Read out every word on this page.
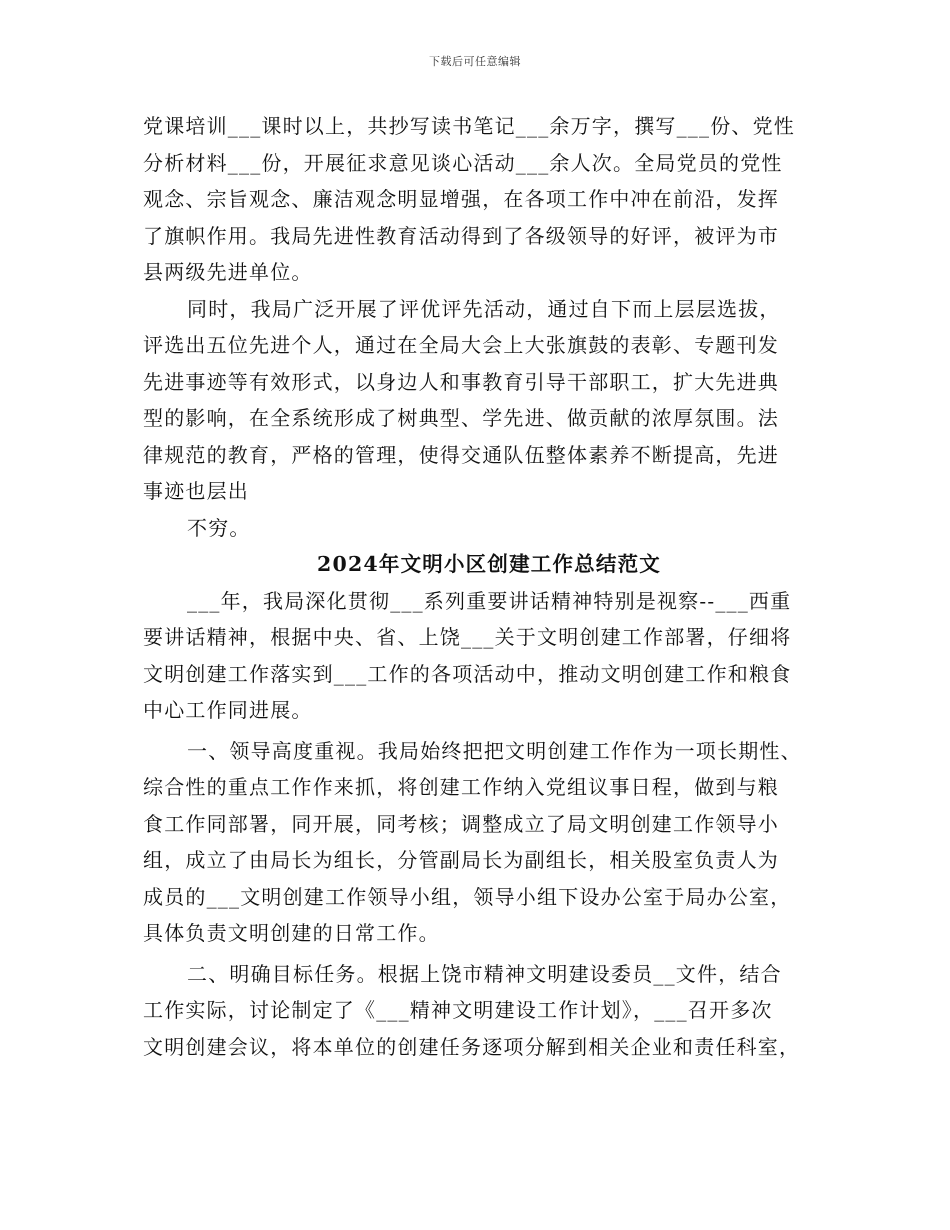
下载后可任意编辑
党课培训___课时以上，共抄写读书笔记___余万字，撰写___份、党性
分析材料___份，开展征求意见谈心活动___余人次。全局党员的党性
观念、宗旨观念、廉洁观念明显增强，在各项工作中冲在前沿，发挥
了旗帜作用。我局先进性教育活动得到了各级领导的好评，被评为市
县两级先进单位。
同时，我局广泛开展了评优评先活动，通过自下而上层层选拔，
评选出五位先进个人，通过在全局大会上大张旗鼓的表彰、专题刊发
先进事迹等有效形式，以身边人和事教育引导干部职工，扩大先进典
型的影响，在全系统形成了树典型、学先进、做贡献的浓厚氛围。法
律规范的教育，严格的管理，使得交通队伍整体素养不断提高，先进
事迹也层出
不穷。
2024年文明小区创建工作总结范文
___年，我局深化贯彻___系列重要讲话精神特别是视察--___西重
要讲话精神，根据中央、省、上饶___关于文明创建工作部署，仔细将
文明创建工作落实到___工作的各项活动中，推动文明创建工作和粮食
中心工作同进展。
一、领导高度重视。我局始终把把文明创建工作作为一项长期性、
综合性的重点工作作来抓，将创建工作纳入党组议事日程，做到与粮
食工作同部署，同开展，同考核；调整成立了局文明创建工作领导小
组，成立了由局长为组长，分管副局长为副组长，相关股室负责人为
成员的___文明创建工作领导小组，领导小组下设办公室于局办公室，
具体负责文明创建的日常工作。
二、明确目标任务。根据上饶市精神文明建设委员__文件，结合
工作实际，讨论制定了《___精神文明建设工作计划》，___召开多次
文明创建会议，将本单位的创建任务逐项分解到相关企业和责任科室，
